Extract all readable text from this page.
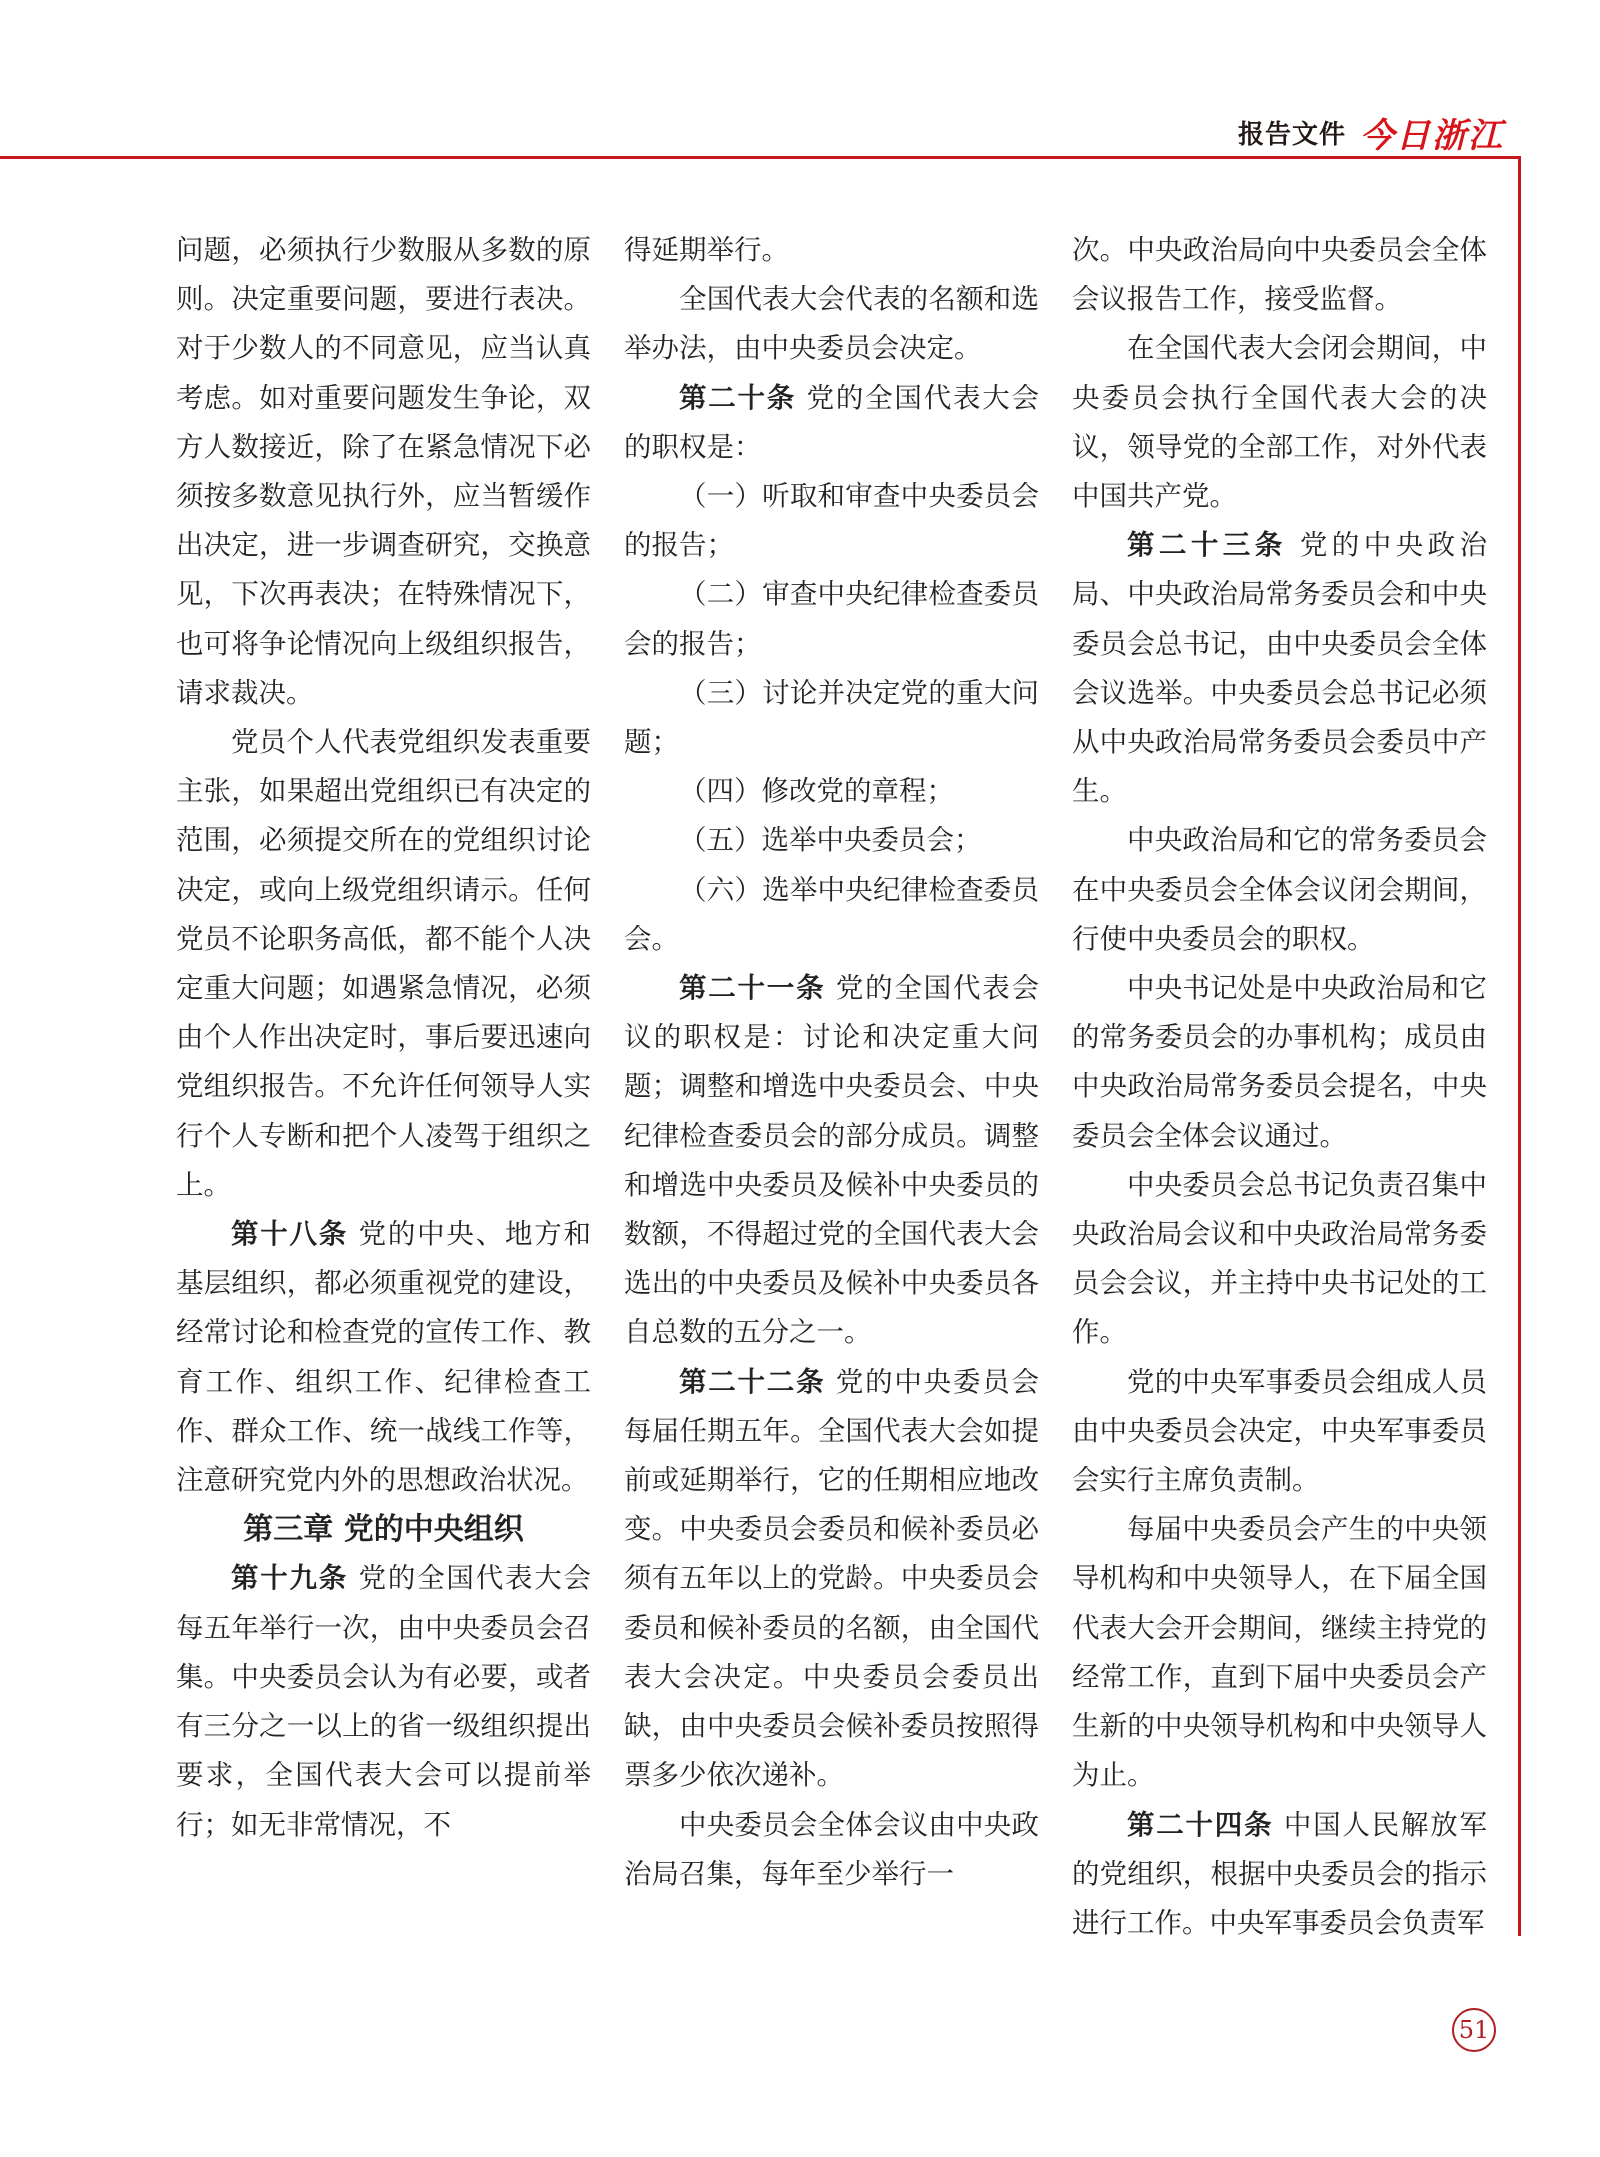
报告文件 今日浙江

问题，必须执行少数服从多数的原则。决定重要问题，要进行表决。对于少数人的不同意见，应当认真考虑。如对重要问题发生争论，双方人数接近，除了在紧急情况下必须按多数意见执行外，应当暂缓作出决定，进一步调查研究，交换意见，下次再表决；在特殊情况下，也可将争论情况向上级组织报告，请求裁决。

党员个人代表党组织发表重要主张，如果超出党组织已有决定的范围，必须提交所在的党组织讨论决定，或向上级党组织请示。任何党员不论职务高低，都不能个人决定重大问题；如遇紧急情况，必须由个人作出决定时，事后要迅速向党组织报告。不允许任何领导人实行个人专断和把个人凌驾于组织之上。

第十八条 党的中央、地方和基层组织，都必须重视党的建设，经常讨论和检查党的宣传工作、教育工作、组织工作、纪律检查工作、群众工作、统一战线工作等，注意研究党内外的思想政治状况。

第三章 党的中央组织

第十九条 党的全国代表大会每五年举行一次，由中央委员会召集。中央委员会认为有必要，或者有三分之一以上的省一级组织提出要求，全国代表大会可以提前举行；如无非常情况，不

得延期举行。

全国代表大会代表的名额和选举办法，由中央委员会决定。

第二十条 党的全国代表大会的职权是：

（一）听取和审查中央委员会的报告；

（二）审查中央纪律检查委员会的报告；

（三）讨论并决定党的重大问题；

（四）修改党的章程；

（五）选举中央委员会；

（六）选举中央纪律检查委员会。

第二十一条 党的全国代表会议的职权是：讨论和决定重大问题；调整和增选中央委员会、中央纪律检查委员会的部分成员。调整和增选中央委员及候补中央委员的数额，不得超过党的全国代表大会选出的中央委员及候补中央委员各自总数的五分之一。

第二十二条 党的中央委员会每届任期五年。全国代表大会如提前或延期举行，它的任期相应地改变。中央委员会委员和候补委员必须有五年以上的党龄。中央委员会委员和候补委员的名额，由全国代表大会决定。中央委员会委员出缺，由中央委员会候补委员按照得票多少依次递补。

中央委员会全体会议由中央政治局召集，每年至少举行一

次。中央政治局向中央委员会全体会议报告工作，接受监督。

在全国代表大会闭会期间，中央委员会执行全国代表大会的决议，领导党的全部工作，对外代表中国共产党。

第二十三条 党的中央政治局、中央政治局常务委员会和中央委员会总书记，由中央委员会全体会议选举。中央委员会总书记必须从中央政治局常务委员会委员中产生。

中央政治局和它的常务委员会在中央委员会全体会议闭会期间，行使中央委员会的职权。

中央书记处是中央政治局和它的常务委员会的办事机构；成员由中央政治局常务委员会提名，中央委员会全体会议通过。

中央委员会总书记负责召集中央政治局会议和中央政治局常务委员会会议，并主持中央书记处的工作。

党的中央军事委员会组成人员由中央委员会决定，中央军事委员会实行主席负责制。

每届中央委员会产生的中央领导机构和中央领导人，在下届全国代表大会开会期间，继续主持党的经常工作，直到下届中央委员会产生新的中央领导机构和中央领导人为止。

第二十四条 中国人民解放军的党组织，根据中央委员会的指示进行工作。中央军事委员会负责军

51
